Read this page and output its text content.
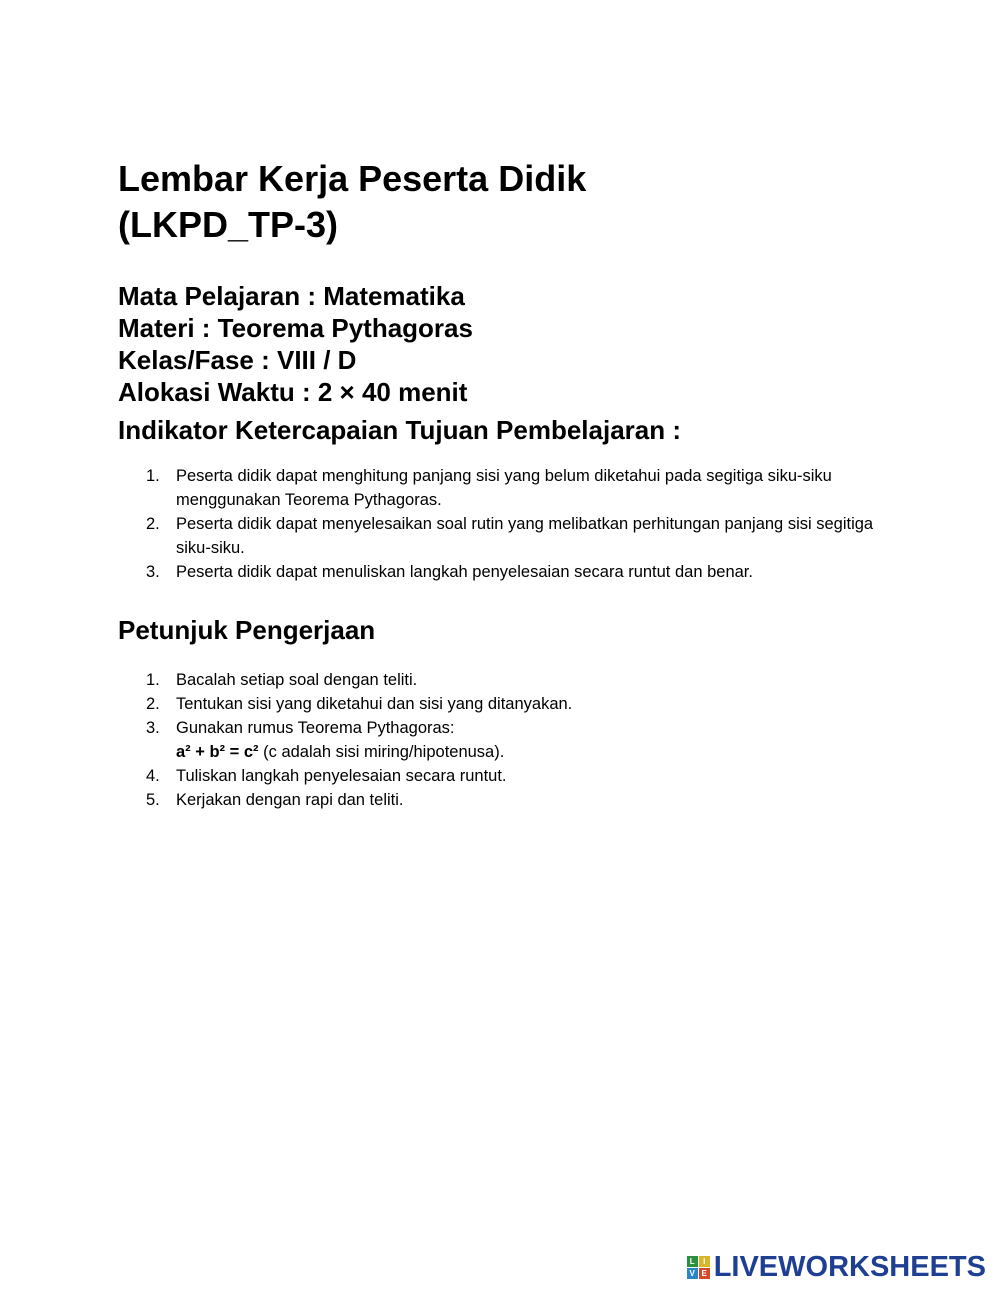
Lembar Kerja Peserta Didik
(LKPD_TP-3)
Mata Pelajaran : Matematika
Materi : Teorema Pythagoras
Kelas/Fase : VIII / D
Alokasi Waktu : 2 × 40 menit
Indikator Ketercapaian Tujuan Pembelajaran :
1. Peserta didik dapat menghitung panjang sisi yang belum diketahui pada segitiga siku-siku menggunakan Teorema Pythagoras.
2. Peserta didik dapat menyelesaikan soal rutin yang melibatkan perhitungan panjang sisi segitiga siku-siku.
3. Peserta didik dapat menuliskan langkah penyelesaian secara runtut dan benar.
Petunjuk Pengerjaan
1. Bacalah setiap soal dengan teliti.
2. Tentukan sisi yang diketahui dan sisi yang ditanyakan.
3. Gunakan rumus Teorema Pythagoras:
a² + b² = c² (c adalah sisi miring/hipotenusa).
4. Tuliskan langkah penyelesaian secara runtut.
5. Kerjakan dengan rapi dan teliti.
L	I
V E LIVEWORKSHEETS
